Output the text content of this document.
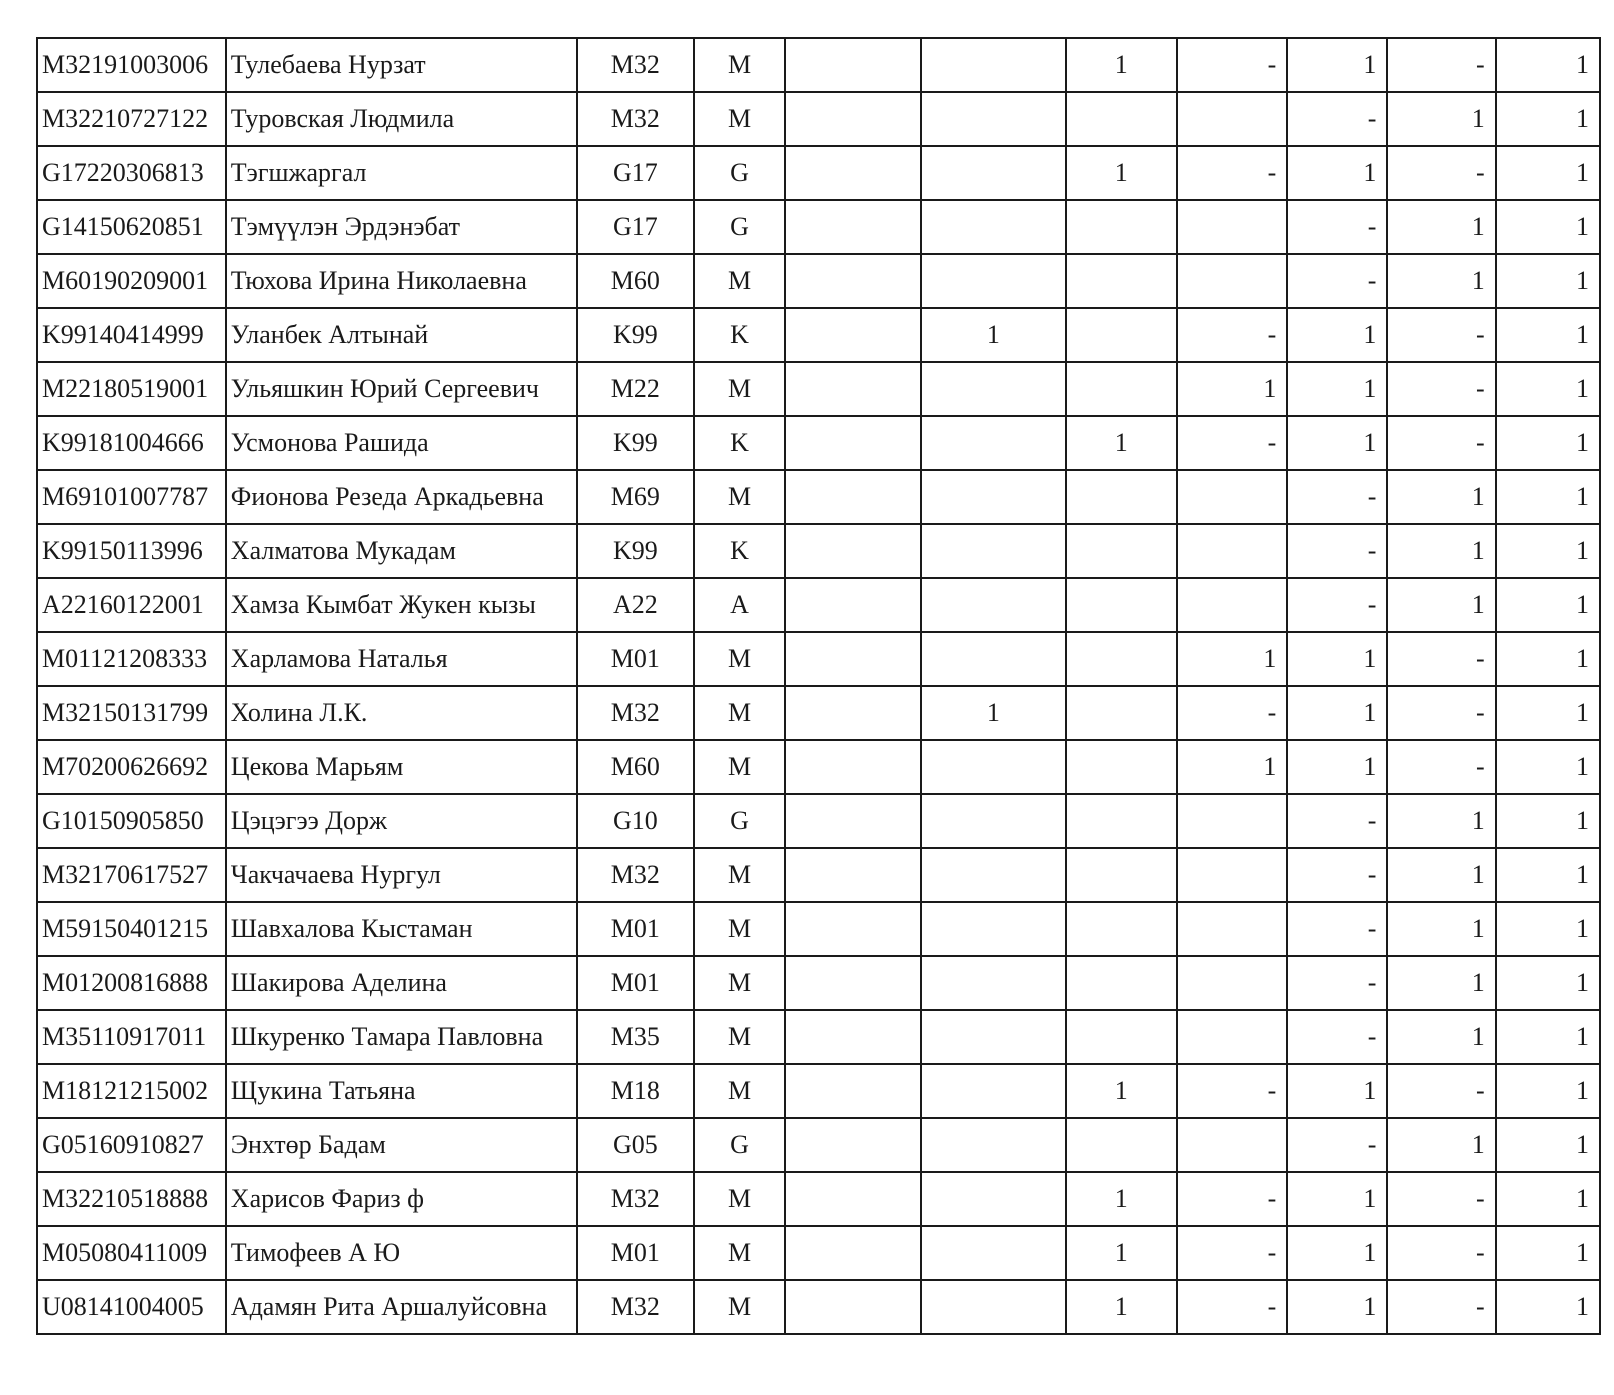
M32191003006	Тулебаева Нурзат	M32	M			1	-	1	-	1
M32210727122	Туровская Людмила	M32	M					-	1	1
G17220306813	Тэгшжаргал	G17	G			1	-	1	-	1
G14150620851	Тэмүүлэн Эрдэнэбат	G17	G					-	1	1
M60190209001	Тюхова Ирина Николаевна	M60	M					-	1	1
K99140414999	Уланбек Алтынай	K99	K		1		-	1	-	1
M22180519001	Ульяшкин Юрий Сергеевич	M22	M				1	1	-	1
K99181004666	Усмонова Рашида	K99	K			1	-	1	-	1
M69101007787	Фионова Резеда Аркадьевна	M69	M					-	1	1
K99150113996	Халматова Мукадам	K99	K					-	1	1
A22160122001	Хамза Кымбат Жукен кызы	A22	A					-	1	1
M01121208333	Харламова Наталья	M01	M				1	1	-	1
M32150131799	Холина Л.К.	M32	M		1		-	1	-	1
M70200626692	Цекова Марьям	M60	M				1	1	-	1
G10150905850	Цэцэгээ Дорж	G10	G					-	1	1
M32170617527	Чакчачаева Нургул	M32	M					-	1	1
M59150401215	Шавхалова Кыстаман	M01	M					-	1	1
M01200816888	Шакирова Аделина	M01	M					-	1	1
M35110917011	Шкуренко Тамара Павловна	M35	M					-	1	1
M18121215002	Щукина Татьяна	M18	M			1	-	1	-	1
G05160910827	Энхтөр Бадам	G05	G					-	1	1
M32210518888	Харисов Фариз ф	M32	M			1	-	1	-	1
M05080411009	Тимофеев А Ю	M01	M			1	-	1	-	1
U08141004005	Адамян Рита Аршалуйсовна	M32	M			1	-	1	-	1
